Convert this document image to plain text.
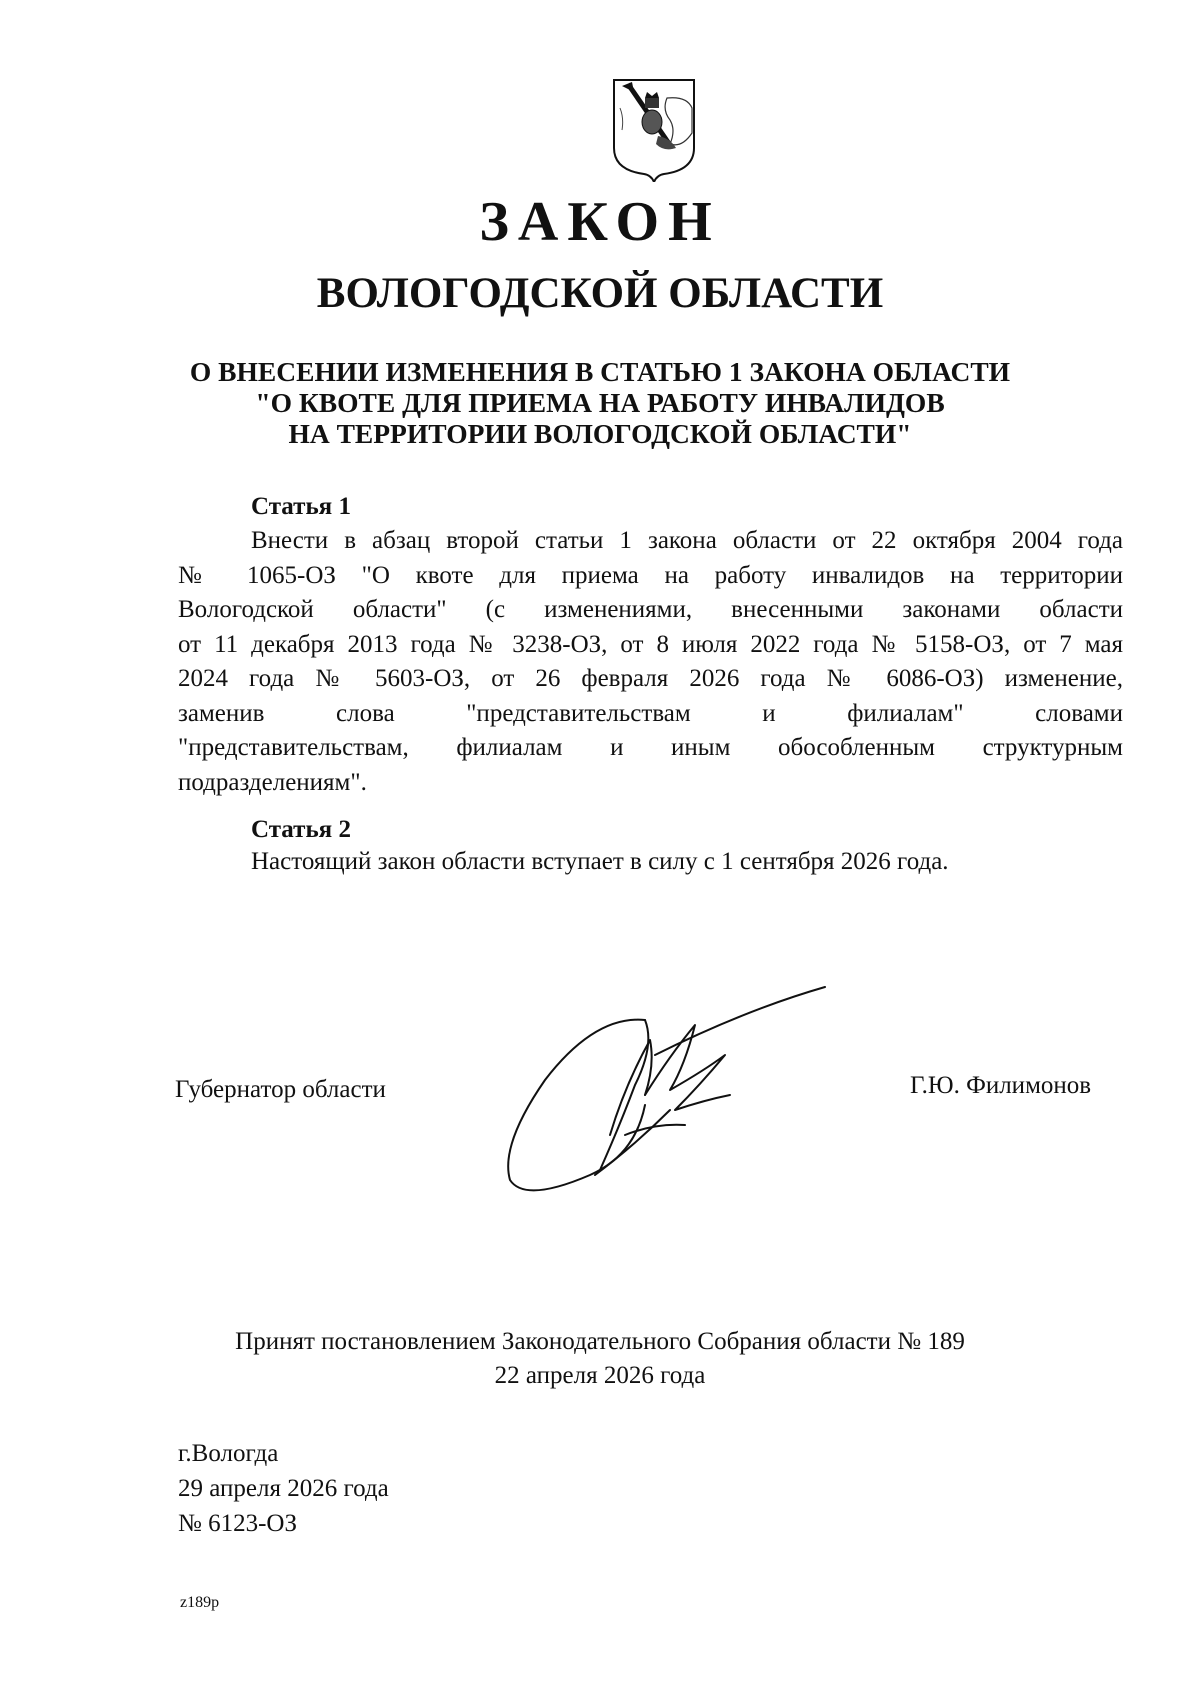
ЗАКОН
ВОЛОГОДСКОЙ ОБЛАСТИ
О ВНЕСЕНИИ ИЗМЕНЕНИЯ В СТАТЬЮ 1 ЗАКОНА ОБЛАСТИ
"О КВОТЕ ДЛЯ ПРИЕМА НА РАБОТУ ИНВАЛИДОВ
НА ТЕРРИТОРИИ ВОЛОГОДСКОЙ ОБЛАСТИ"
Статья 1
Внести в абзац второй статьи 1 закона области от 22 октября 2004 года
№ 1065-ОЗ "О квоте для приема на работу инвалидов на территории
Вологодской области" (с изменениями, внесенными законами области
от 11 декабря 2013 года № 3238-ОЗ, от 8 июля 2022 года № 5158-ОЗ, от 7 мая
2024 года № 5603-ОЗ, от 26 февраля 2026 года № 6086-ОЗ) изменение,
заменив слова "представительствам и филиалам" словами
"представительствам, филиалам и иным обособленным структурным
подразделениям".
Статья 2
Настоящий закон области вступает в силу с 1 сентября 2026 года.
Губернатор области	Г.Ю. Филимонов
Принят постановлением Законодательного Собрания области № 189
22 апреля 2026 года
г.Вологда
29 апреля 2026 года
№ 6123-ОЗ
z189p
